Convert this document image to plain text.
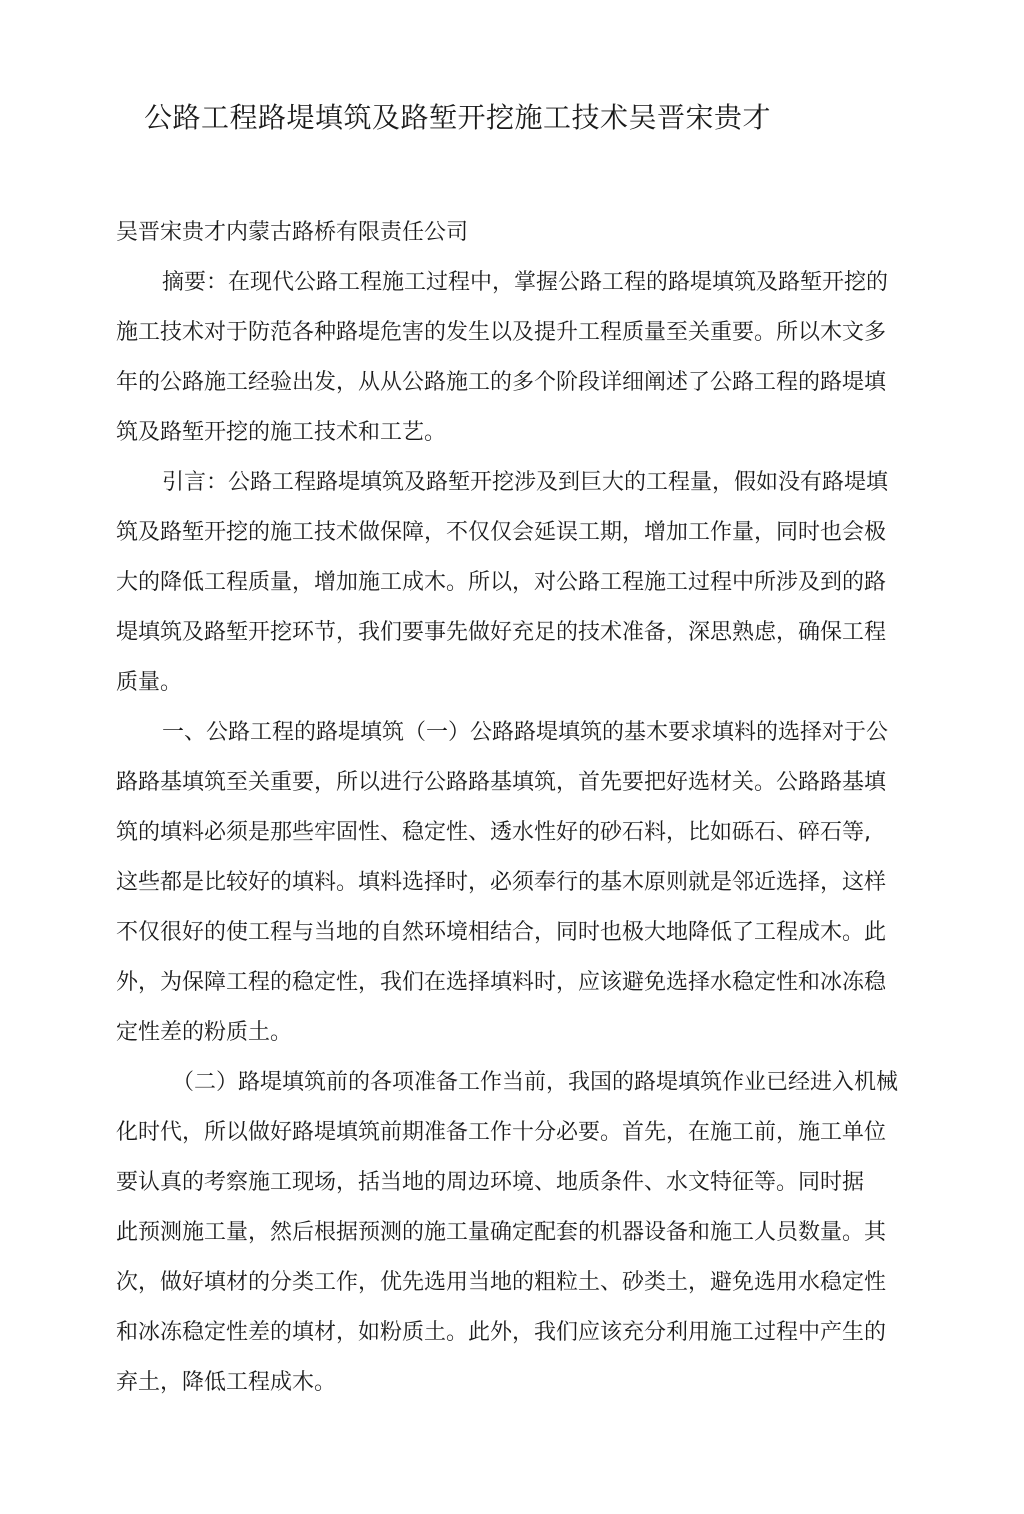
公路工程路堤填筑及路堑开挖施工技术吴晋宋贵才
吴晋宋贵才内蒙古路桥有限责任公司
摘要：在现代公路工程施工过程中，掌握公路工程的路堤填筑及路堑开挖的
施工技术对于防范各种路堤危害的发生以及提升工程质量至关重要。所以木文多
年的公路施工经验出发，从从公路施工的多个阶段详细阐述了公路工程的路堤填
筑及路堑开挖的施工技术和工艺。
引言：公路工程路堤填筑及路堑开挖涉及到巨大的工程量，假如没有路堤填
筑及路堑开挖的施工技术做保障，不仅仅会延误工期，增加工作量，同时也会极
大的降低工程质量，增加施工成木。所以，对公路工程施工过程中所涉及到的路
堤填筑及路堑开挖环节，我们要事先做好充足的技术准备，深思熟虑，确保工程
质量。
一、公路工程的路堤填筑（一）公路路堤填筑的基木要求填料的选择对于公
路路基填筑至关重要，所以进行公路路基填筑，首先要把好选材关。公路路基填
筑的填料必须是那些牢固性、稳定性、透水性好的砂石料，比如砾石、碎石等,
这些都是比较好的填料。填料选择时，必须奉行的基木原则就是邻近选择，这样
不仅很好的使工程与当地的自然环境相结合，同时也极大地降低了工程成木。此
外，为保障工程的稳定性，我们在选择填料时，应该避免选择水稳定性和冰冻稳
定性差的粉质土。
（二）路堤填筑前的各项准备工作当前，我国的路堤填筑作业已经进入机械
化时代，所以做好路堤填筑前期准备工作十分必要。首先，在施工前，施工单位
要认真的考察施工现场，括当地的周边环境、地质条件、水文特征等。同时据
此预测施工量，然后根据预测的施工量确定配套的机器设备和施工人员数量。其
次，做好填材的分类工作，优先选用当地的粗粒土、砂类土，避免选用水稳定性
和冰冻稳定性差的填材，如粉质土。此外，我们应该充分利用施工过程中产生的
弃土，降低工程成木。
